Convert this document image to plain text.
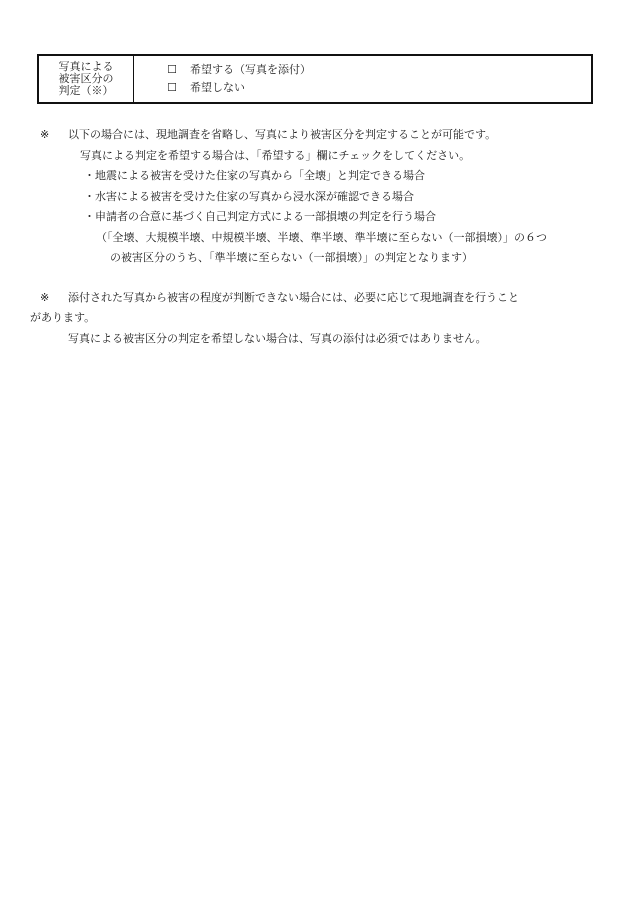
写真による
被害区分の
判定（※）
☐ 希望する（写真を添付）
☐ 希望しない
※ 以下の場合には、現地調査を省略し、写真により被害区分を判定することが可能です。
写真による判定を希望する場合は、「希望する」欄にチェックをしてください。
・地震による被害を受けた住家の写真から「全壊」と判定できる場合
・水害による被害を受けた住家の写真から浸水深が確認できる場合
・申請者の合意に基づく自己判定方式による一部損壊の判定を行う場合
（「全壊、大規模半壊、中規模半壊、半壊、準半壊、準半壊に至らない（一部損壊）」の６つ
の被害区分のうち、「準半壊に至らない（一部損壊）」の判定となります）
※ 添付された写真から被害の程度が判断できない場合には、必要に応じて現地調査を行うこと
があります。
写真による被害区分の判定を希望しない場合は、写真の添付は必須ではありません。
